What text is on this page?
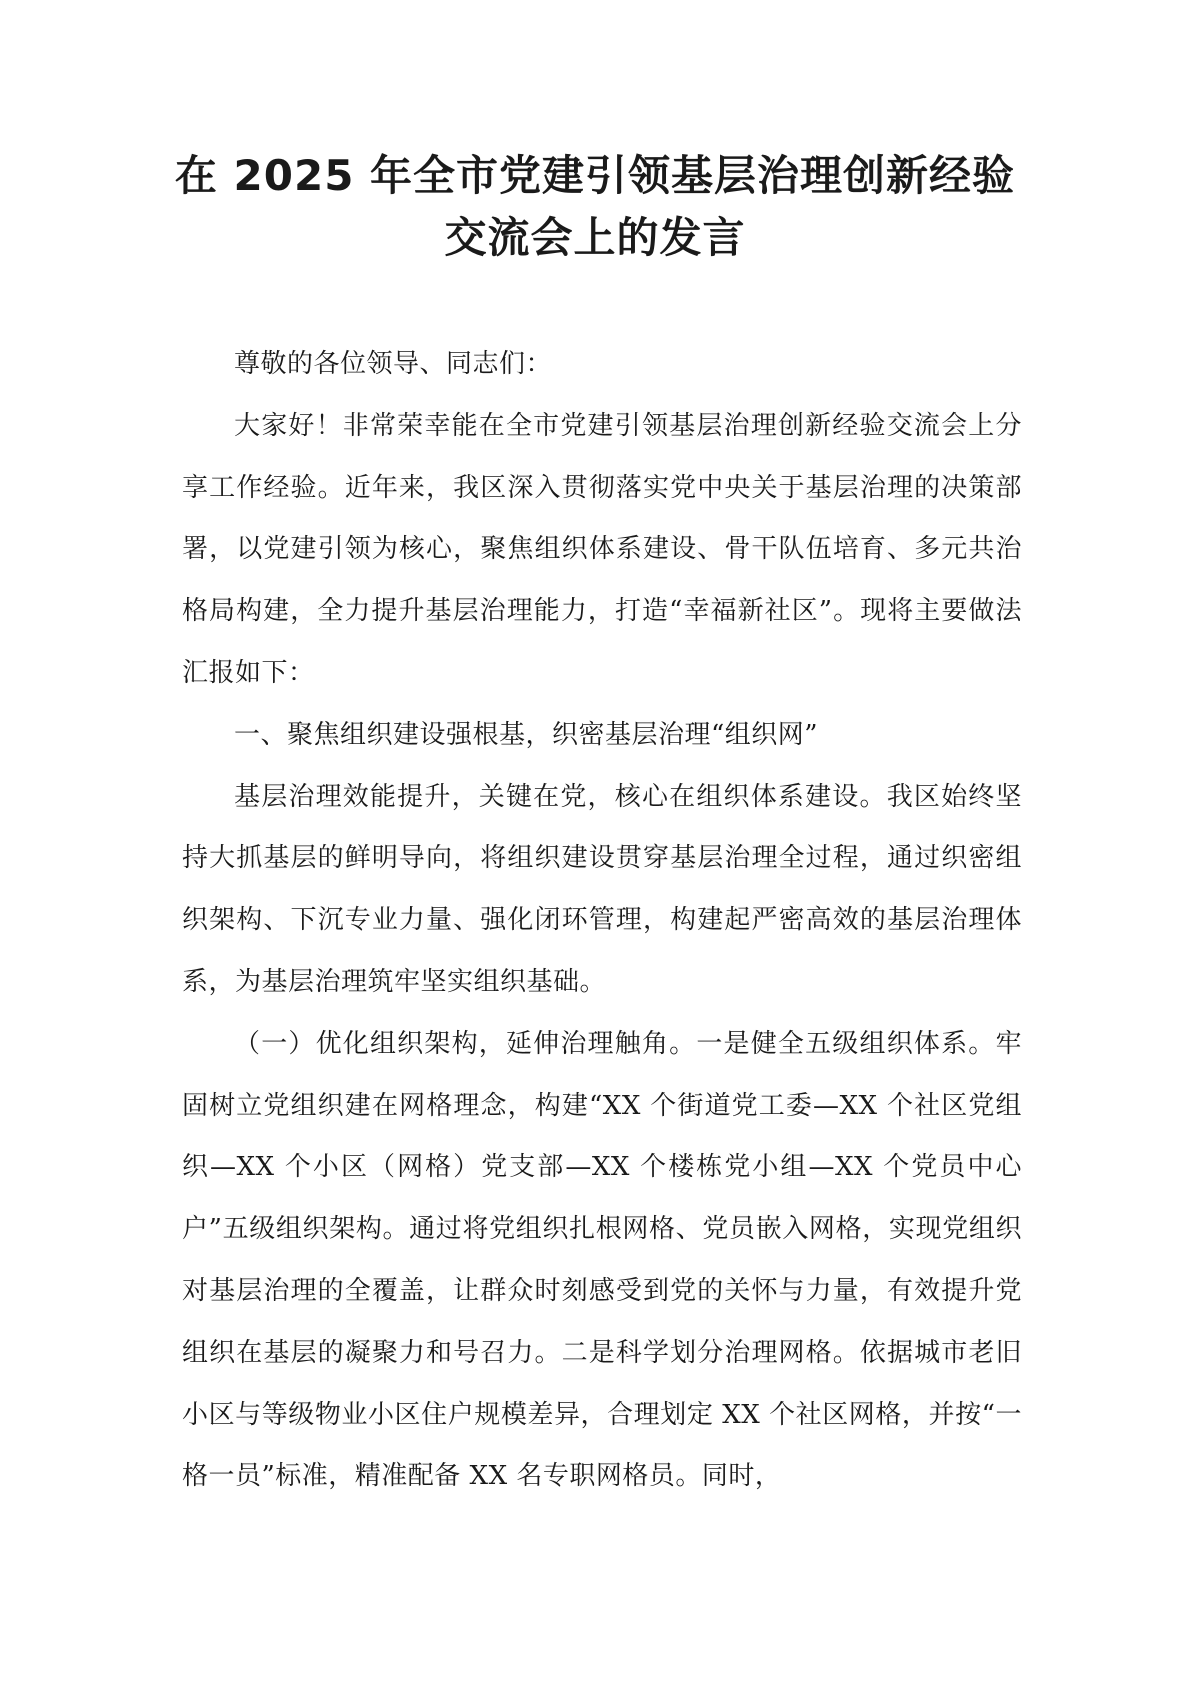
在 2025 年全市党建引领基层治理创新经验
交流会上的发言

尊敬的各位领导、同志们：

大家好！非常荣幸能在全市党建引领基层治理创新经验交流会上分享工作经验。近年来，我区深入贯彻落实党中央关于基层治理的决策部署，以党建引领为核心，聚焦组织体系建设、骨干队伍培育、多元共治格局构建，全力提升基层治理能力，打造“幸福新社区”。现将主要做法汇报如下：

一、聚焦组织建设强根基，织密基层治理“组织网”

基层治理效能提升，关键在党，核心在组织体系建设。我区始终坚持大抓基层的鲜明导向，将组织建设贯穿基层治理全过程，通过织密组织架构、下沉专业力量、强化闭环管理，构建起严密高效的基层治理体系，为基层治理筑牢坚实组织基础。

（一）优化组织架构，延伸治理触角。一是健全五级组织体系。牢固树立党组织建在网格理念，构建“XX 个街道党工委—XX 个社区党组织—XX 个小区（网格）党支部—XX 个楼栋党小组—XX 个党员中心户”五级组织架构。通过将党组织扎根网格、党员嵌入网格，实现党组织对基层治理的全覆盖，让群众时刻感受到党的关怀与力量，有效提升党组织在基层的凝聚力和号召力。二是科学划分治理网格。依据城市老旧小区与等级物业小区住户规模差异，合理划定 XX 个社区网格，并按“一格一员”标准，精准配备 XX 名专职网格员。同时，
